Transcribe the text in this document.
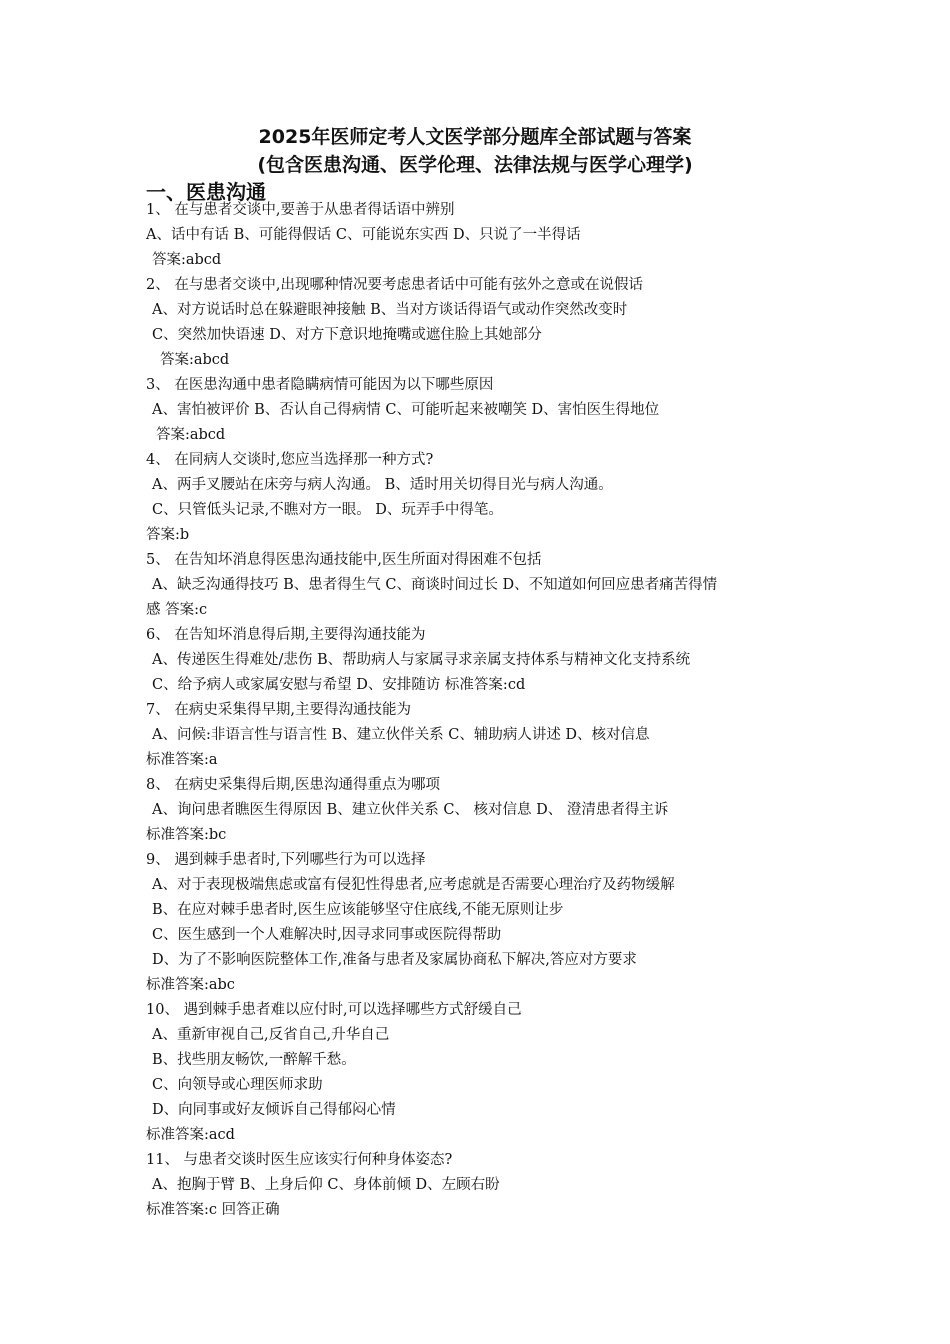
2025年医师定考人文医学部分题库全部试题与答案
(包含医患沟通、医学伦理、法律法规与医学心理学)
一、医患沟通
1、 在与患者交谈中,要善于从患者得话语中辨别
A、话中有话 B、可能得假话 C、可能说东实西 D、只说了一半得话
答案:abcd
2、 在与患者交谈中,出现哪种情况要考虑患者话中可能有弦外之意或在说假话
A、对方说话时总在躲避眼神接触 B、当对方谈话得语气或动作突然改变时
C、突然加快语速 D、对方下意识地掩嘴或遮住脸上其她部分
答案:abcd
3、 在医患沟通中患者隐瞒病情可能因为以下哪些原因
A、害怕被评价 B、否认自己得病情 C、可能听起来被嘲笑 D、害怕医生得地位
答案:abcd
4、 在同病人交谈时,您应当选择那一种方式?
A、两手叉腰站在床旁与病人沟通。 B、适时用关切得目光与病人沟通。
C、只管低头记录,不瞧对方一眼。 D、玩弄手中得笔。
答案:b
5、 在告知坏消息得医患沟通技能中,医生所面对得困难不包括
A、缺乏沟通得技巧 B、患者得生气 C、商谈时间过长 D、不知道如何回应患者痛苦得情
感 答案:c
6、 在告知坏消息得后期,主要得沟通技能为
A、传递医生得难处/悲伤 B、帮助病人与家属寻求亲属支持体系与精神文化支持系统
C、给予病人或家属安慰与希望 D、安排随访 标准答案:cd
7、 在病史采集得早期,主要得沟通技能为
A、问候:非语言性与语言性 B、建立伙伴关系 C、辅助病人讲述 D、核对信息
标准答案:a
8、 在病史采集得后期,医患沟通得重点为哪项
A、询问患者瞧医生得原因 B、建立伙伴关系 C、 核对信息 D、 澄清患者得主诉
标准答案:bc
9、 遇到棘手患者时,下列哪些行为可以选择
A、对于表现极端焦虑或富有侵犯性得患者,应考虑就是否需要心理治疗及药物缓解
B、在应对棘手患者时,医生应该能够坚守住底线,不能无原则让步
C、医生感到一个人难解决时,因寻求同事或医院得帮助
D、为了不影响医院整体工作,准备与患者及家属协商私下解决,答应对方要求
标准答案:abc
10、 遇到棘手患者难以应付时,可以选择哪些方式舒缓自己
A、重新审视自己,反省自己,升华自己
B、找些朋友畅饮,一醉解千愁。
C、向领导或心理医师求助
D、向同事或好友倾诉自己得郁闷心情
标准答案:acd
11、 与患者交谈时医生应该实行何种身体姿态?
A、抱胸于臂 B、上身后仰 C、身体前倾 D、左顾右盼
标准答案:c 回答正确
